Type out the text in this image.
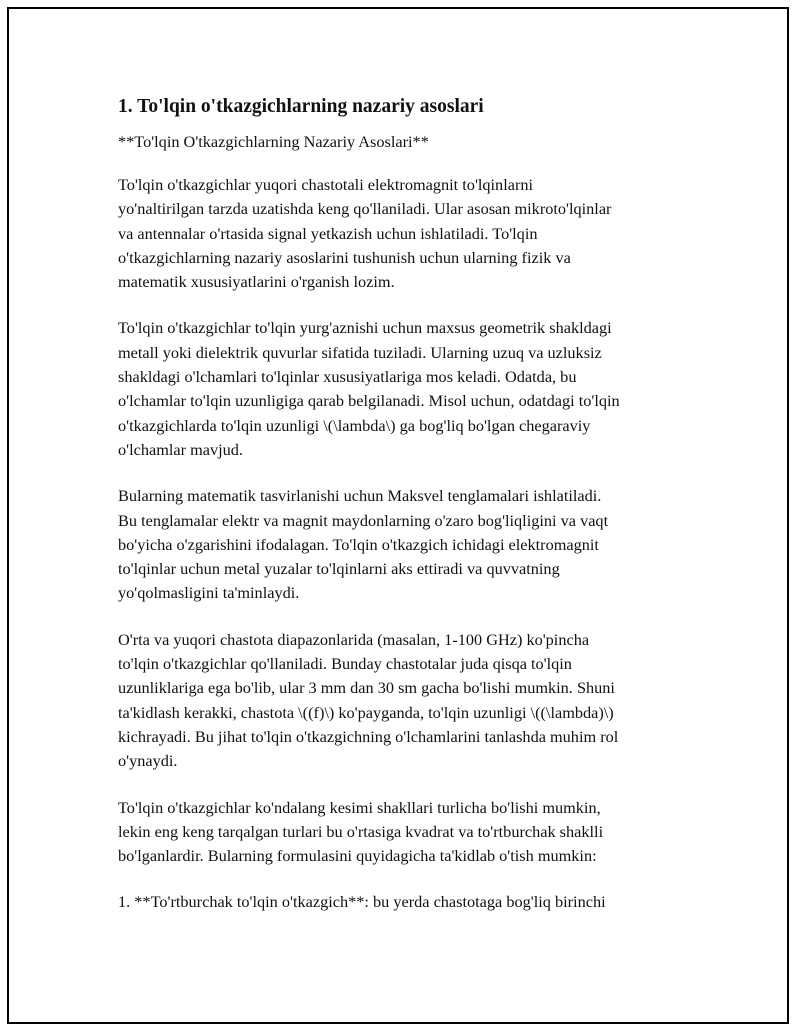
1. To'lqin o'tkazgichlarning nazariy asoslari
**To'lqin O'tkazgichlarning Nazariy Asoslari**
To'lqin o'tkazgichlar yuqori chastotali elektromagnit to'lqinlarni
yo'naltirilgan tarzda uzatishda keng qo'llaniladi. Ular asosan mikroto'lqinlar
va antennalar o'rtasida signal yetkazish uchun ishlatiladi. To'lqin
o'tkazgichlarning nazariy asoslarini tushunish uchun ularning fizik va
matematik xususiyatlarini o'rganish lozim.
To'lqin o'tkazgichlar to'lqin yurg'aznishi uchun maxsus geometrik shakldagi
metall yoki dielektrik quvurlar sifatida tuziladi. Ularning uzuq va uzluksiz
shakldagi o'lchamlari to'lqinlar xususiyatlariga mos keladi. Odatda, bu
o'lchamlar to'lqin uzunligiga qarab belgilanadi. Misol uchun, odatdagi to'lqin
o'tkazgichlarda to'lqin uzunligi \(\lambda\) ga bog'liq bo'lgan chegaraviy
o'lchamlar mavjud.
Bularning matematik tasvirlanishi uchun Maksvel tenglamalari ishlatiladi.
Bu tenglamalar elektr va magnit maydonlarning o'zaro bog'liqligini va vaqt
bo'yicha o'zgarishini ifodalagan. To'lqin o'tkazgich ichidagi elektromagnit
to'lqinlar uchun metal yuzalar to'lqinlarni aks ettiradi va quvvatning
yo'qolmasligini ta'minlaydi.
O'rta va yuqori chastota diapazonlarida (masalan, 1-100 GHz) ko'pincha
to'lqin o'tkazgichlar qo'llaniladi. Bunday chastotalar juda qisqa to'lqin
uzunliklariga ega bo'lib, ular 3 mm dan 30 sm gacha bo'lishi mumkin. Shuni
ta'kidlash kerakki, chastota \((f)\) ko'payganda, to'lqin uzunligi \((\lambda)\)
kichrayadi. Bu jihat to'lqin o'tkazgichning o'lchamlarini tanlashda muhim rol
o'ynaydi.
To'lqin o'tkazgichlar ko'ndalang kesimi shakllari turlicha bo'lishi mumkin,
lekin eng keng tarqalgan turlari bu o'rtasiga kvadrat va to'rtburchak shaklli
bo'lganlardir. Bularning formulasini quyidagicha ta'kidlab o'tish mumkin:
1. **To'rtburchak to'lqin o'tkazgich**: bu yerda chastotaga bog'liq birinchi
